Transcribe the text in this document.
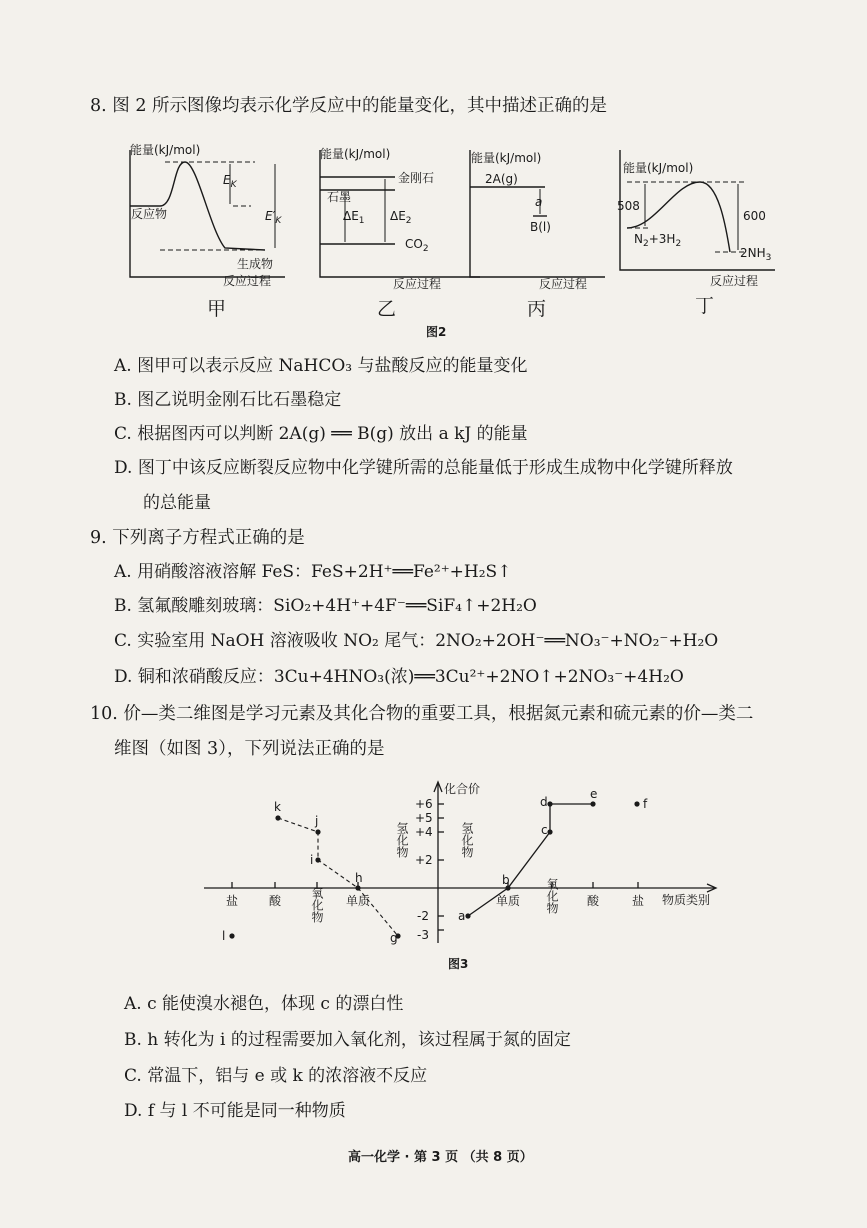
8. 图 2 所示图像均表示化学反应中的能量变化，其中描述正确的是
能量(kJ/mol)
反应物
生成物
反应过程
$E_K$
$E'_K$
甲
能量(kJ/mol)
金刚石
石墨
$\Delta E_1$ $\Delta E_2$
$CO_2$
反应过程
乙
能量(kJ/mol)
2A(g)
a
B(l)
反应过程
丙
能量(kJ/mol)
508
600
$N_2+3H_2$
$2NH_3$
反应过程
丁
图2
A. 图甲可以表示反应 NaHCO₃ 与盐酸反应的能量变化
B. 图乙说明金刚石比石墨稳定
C. 根据图丙可以判断 2A(g) ══ B(g) 放出 a kJ 的能量
D. 图丁中该反应断裂反应物中化学键所需的总能量低于形成生成物中化学键所释放
的总能量
9. 下列离子方程式正确的是
A. 用硝酸溶液溶解 FeS：FeS+2H⁺══Fe²⁺+H₂S↑
B. 氢氟酸雕刻玻璃：SiO₂+4H⁺+4F⁻══SiF₄↑+2H₂O
C. 实验室用 NaOH 溶液吸收 NO₂ 尾气：2NO₂+2OH⁻══NO₃⁻+NO₂⁻+H₂O
D. 铜和浓硝酸反应：3Cu+4HNO₃(浓)══3Cu²⁺+2NO↑+2NO₃⁻+4H₂O
10. 价—类二维图是学习元素及其化合物的重要工具，根据氮元素和硫元素的价—类二
维图（如图 3），下列说法正确的是
化合价
物质类别
+6
+5
+4
+2
-2
-3
盐	酸 氧化物 单质
氢化物	氢化物
单质 氧化物 酸	盐
k
j
i
h
g
l
a
b
c
d
e
f
图3
A. c 能使溴水褪色，体现 c 的漂白性
B. h 转化为 i 的过程需要加入氧化剂，该过程属于氮的固定
C. 常温下，铝与 e 或 k 的浓溶液不反应
D. f 与 l 不可能是同一种物质
高一化学 · 第 3 页 （共 8 页）
